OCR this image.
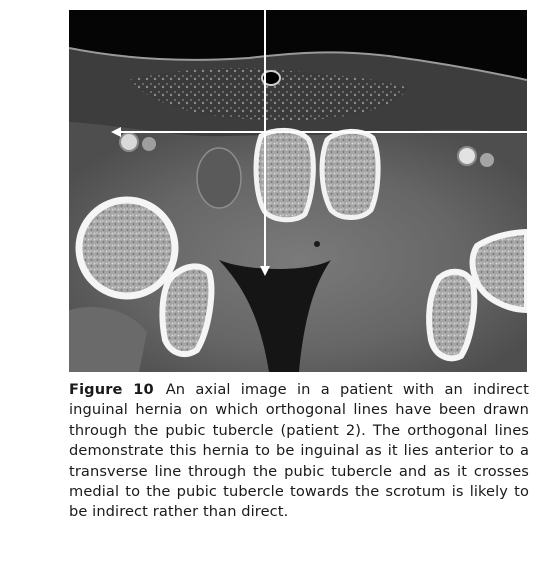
Figure 10 An axial image in a patient with an indirect inguinal hernia on which orthogonal lines have been drawn through the pubic tubercle (patient 2). The orthogonal lines demonstrate this hernia to be inguinal as it lies anterior to a transverse line through the pubic tubercle and as it crosses medial to the pubic tubercle towards the scrotum is likely to be indirect rather than direct.
